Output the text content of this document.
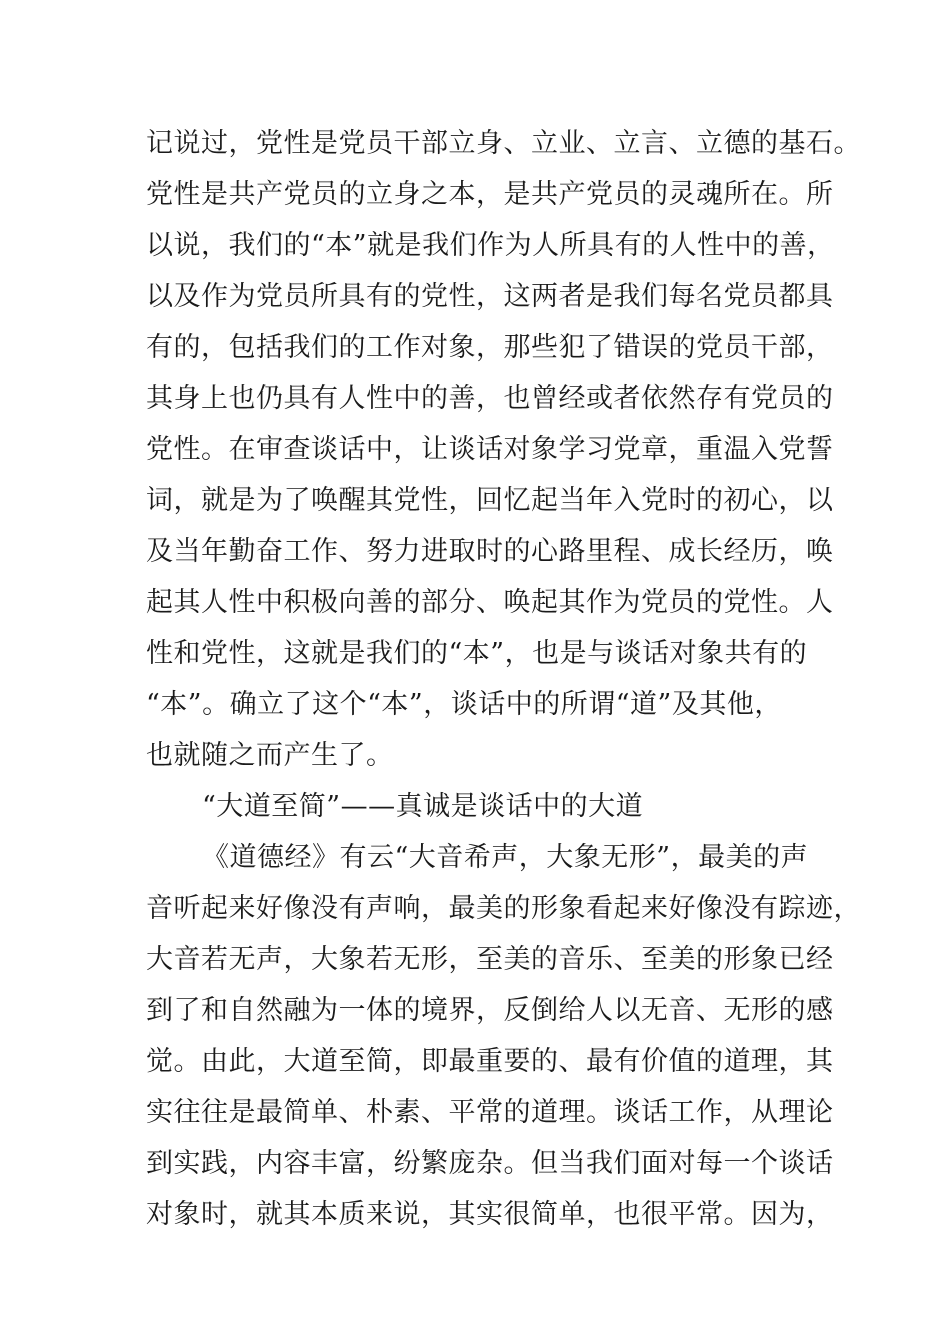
记说过，党性是党员干部立身、立业、立言、立德的基石。
党性是共产党员的立身之本，是共产党员的灵魂所在。所
以说，我们的“本”就是我们作为人所具有的人性中的善，
以及作为党员所具有的党性，这两者是我们每名党员都具
有的，包括我们的工作对象，那些犯了错误的党员干部，
其身上也仍具有人性中的善，也曾经或者依然存有党员的
党性。在审查谈话中，让谈话对象学习党章，重温入党誓
词，就是为了唤醒其党性，回忆起当年入党时的初心，以
及当年勤奋工作、努力进取时的心路里程、成长经历，唤
起其人性中积极向善的部分、唤起其作为党员的党性。人
性和党性，这就是我们的“本”，也是与谈话对象共有的
“本”。确立了这个“本”，谈话中的所谓“道”及其他，
也就随之而产生了。
“大道至简”——真诚是谈话中的大道
《道德经》有云“大音希声，大象无形”，最美的声
音听起来好像没有声响，最美的形象看起来好像没有踪迹，
大音若无声，大象若无形，至美的音乐、至美的形象已经
到了和自然融为一体的境界，反倒给人以无音、无形的感
觉。由此，大道至简，即最重要的、最有价值的道理，其
实往往是最简单、朴素、平常的道理。谈话工作，从理论
到实践，内容丰富，纷繁庞杂。但当我们面对每一个谈话
对象时，就其本质来说，其实很简单，也很平常。因为，
